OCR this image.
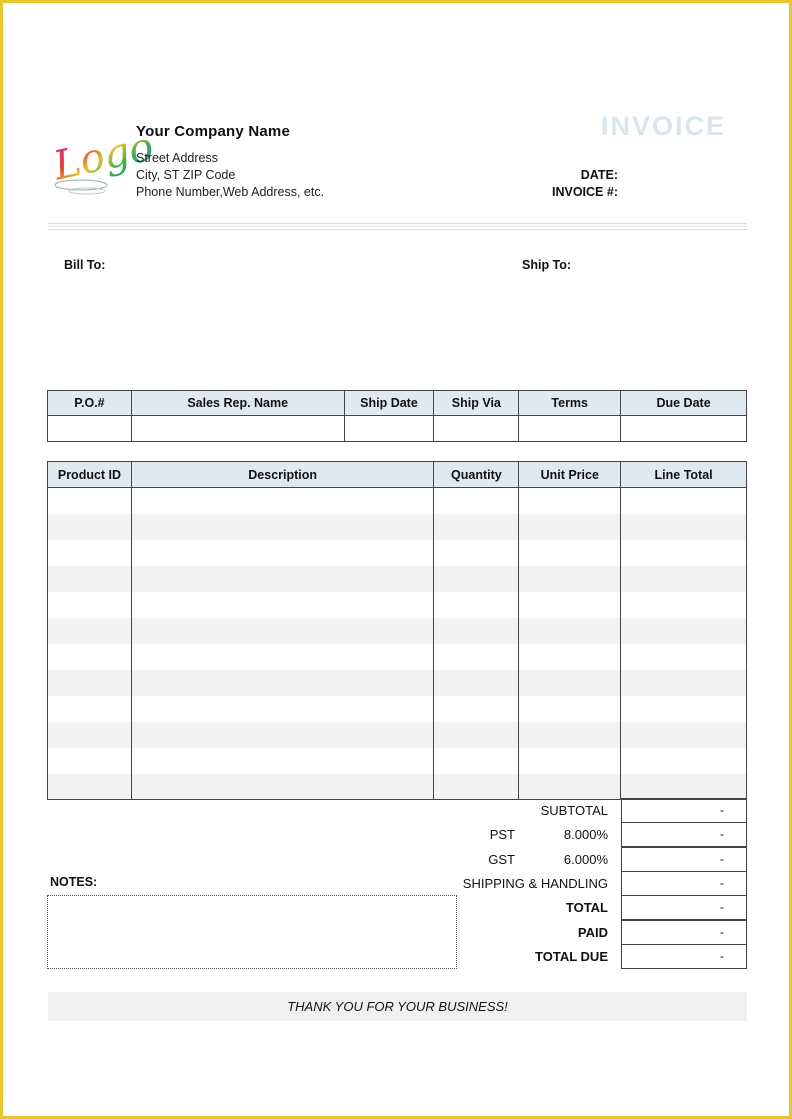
Logo
Your Company Name
Street Address
City, ST ZIP Code
Phone Number,Web Address, etc.
INVOICE
DATE:
INVOICE #:
Bill To:	Ship To:
P.O.#	Sales Rep. Name	Ship Date	Ship Via	Terms	Due Date

Product ID	Description	Quantity	Unit Price	Line Total

SUBTOTAL	-
PST	8.000%	-
GST	6.000%	-
SHIPPING & HANDLING	-
TOTAL	-
PAID	-
TOTAL DUE	-
NOTES:
THANK YOU FOR YOUR BUSINESS!
